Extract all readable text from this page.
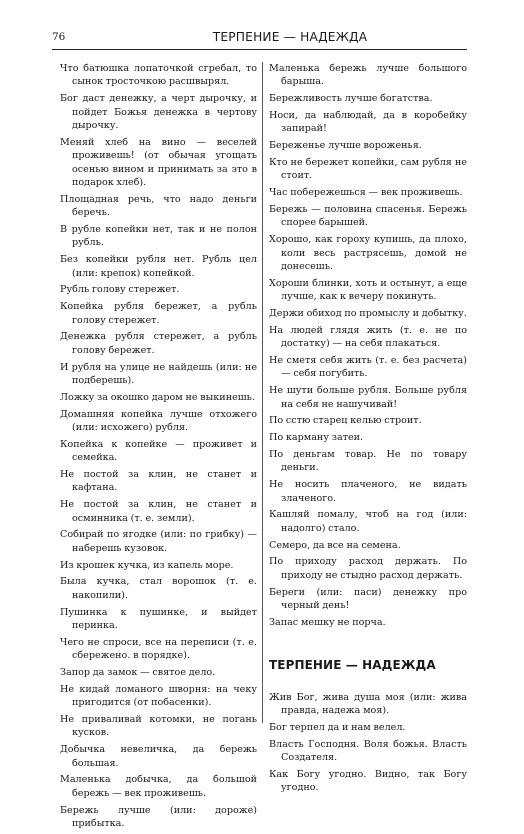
76	ТЕРПЕНИЕ — НАДЕЖДА

Что батюшка лопаточкой сгребал, то сынок тросточкою расшвырял.

Бог даст денежку, а черт дырочку, и пойдет Божья денежка в чертову дырочку.

Меняй хлеб на вино — веселей проживешь! (от обычая угощать осенью вином и принимать за это в подарок хлеб).

Площадная речь, что надо деньги беречь.

В рубле копейки нет, так и не полон рубль.

Без копейки рубля нет. Рубль цел (или: крепок) копейкой.

Рубль голову стережет.

Копейка рубля бережет, а рубль голову стережет.

Денежка рубля стережет, а рубль голову бережет.

И рубля на улице не найдешь (или: не подберешь).

Ложку за окошко даром не выкинешь.

Домашняя копейка лучше отхожего (или: исхожего) рубля.

Копейка к копейке — проживет и семейка.

Не постой за клин, не станет и кафтана.

Не постой за клин, не станет и осминника (т. е. земли).

Собирай по ягодке (или: по грибку) — наберешь кузовок.

Из крошек кучка, из капель море.

Была кучка, стал ворошок (т. е. накопили).

Пушинка к пушинке, и выйдет перинка.

Чего не спроси, все на переписи (т. е. сбережено. в порядке).

Запор да замок — святое дело.

Не кидай ломаного шворня: на чеку пригодится (от побасенки).

Не приваливай котомки, не погань кусков.

Добычка невеличка, да бережь большая.

Маленька добычка, да большой бережь — век проживешь.

Бережь лучше (или: дороже) прибытка.

Маленька бережь лучше большого барыша.

Бережливость лучше богатства.

Носи, да наблюдай, да в коробейку запирай!

Береженье лучше вороженья.

Кто не бережет копейки, сам рубля не стоит.

Час побережешься — век проживешь.

Бережь — половина спасенья. Бережь спорее барышей.

Хорошо, как гороху купишь, да плохо, коли весь растрясешь, домой не донесешь.

Хороши блинки, хоть и остынут, а еще лучше, как к вечеру покинуть.

Держи обиход по промыслу и добытку.

На людей глядя жить (т. е. не по достатку) — на себя плакаться.

Не сметя себя жить (т. е. без расчета) — себя погубить.

Не шути больше рубля. Больше рубля на себя не нашучивай!

По сстю старец келью строит.

По карману затеи.

По деньгам товар. Не по товару деньги.

Не носить плаченого, не видать злаченого.

Кашляй помалу, чтоб на год (или: надолго) стало.

Семеро, да все на семена.

По приходу расход держать. По приходу не стыдно расход держать.

Береги (или: паси) денежку про черный день!

Запас мешку не порча.

ТЕРПЕНИЕ — НАДЕЖДА

Жив Бог, жива душа моя (или: жива правда, надежа моя).

Бог терпел да и нам велел.

Власть Господня. Воля божья. Власть Создателя.

Как Богу угодно. Видно, так Богу угодно.
